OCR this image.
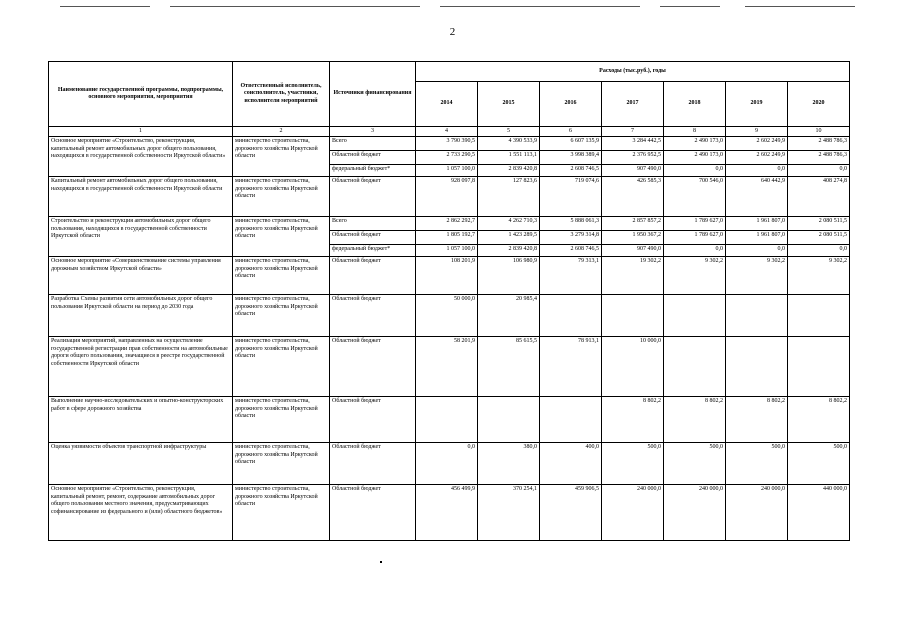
2
Наименование государственной программы, подпрограммы, основного мероприятия, мероприятия	Ответственный исполнитель, соисполнитель, участники, исполнители мероприятий	Источники финансирования	Расходы (тыс.руб.), годы						
			2014	2015	2016	2017	2018	2019	2020
1	2	3	4	5	6	7	8	9	10
Основное мероприятие «Строительство, реконструкция, капитальный ремонт автомобильных дорог общего пользования, находящихся в государственной собственности Иркутской области»	министерство строительства, дорожного хозяйства Иркутской области	Всего	3 790 390,5	4 390 533,9	6 607 135,9	3 284 442,5	2 490 173,0	2 602 249,9	2 488 786,3
		Областной бюджет	2 733 290,5	1 551 113,1	3 998 389,4	2 376 952,5	2 490 173,0	2 602 249,9	2 488 786,3
		федеральный бюджет*	1 057 100,0	2 839 420,8	2 608 746,5	907 490,0	0,0	0,0	0,0
Капитальный ремонт автомобильных дорог общего пользования, находящихся в государственной собственности Иркутской области	министерство строительства, дорожного хозяйства Иркутской области	Областной бюджет	928 097,8	127 823,6	719 074,6	426 585,3	700 546,0	640 442,9	408 274,8
Строительство и реконструкция автомобильных дорог общего пользования, находящихся в государственной собственности Иркутской области	министерство строительства, дорожного хозяйства Иркутской области	Всего	2 862 292,7	4 262 710,3	5 888 061,3	2 857 857,2	1 789 627,0	1 961 807,0	2 080 511,5
		Областной бюджет	1 805 192,7	1 423 289,5	3 279 314,8	1 950 367,2	1 789 627,0	1 961 807,0	2 080 511,5
		федеральный бюджет*	1 057 100,0	2 839 420,8	2 608 746,5	907 490,0	0,0	0,0	0,0
Основное мероприятие «Совершенствование системы управления дорожным хозяйством Иркутской области»	министерство строительства, дорожного хозяйства Иркутской области	Областной бюджет	108 201,9	106 980,9	79 313,1	19 302,2	9 302,2	9 302,2	9 302,2
Разработка Схемы развития сети автомобильных дорог общего пользования Иркутской области на период до 2030 года	министерство строительства, дорожного хозяйства Иркутской области	Областной бюджет	50 000,0	20 985,4					
Реализация мероприятий, направленных на осуществление государственной регистрации прав собственности на автомобильные дороги общего пользования, значащиеся в реестре государственной собственности Иркутской области	министерство строительства, дорожного хозяйства Иркутской области	Областной бюджет	58 201,9	85 615,5	78 913,1	10 000,0			
Выполнение научно-исследовательских и опытно-конструкторских работ в сфере дорожного хозяйства	министерство строительства, дорожного хозяйства Иркутской области	Областной бюджет				8 802,2	8 802,2	8 802,2	8 802,2
Оценка уязвимости объектов транспортной инфраструктуры	министерство строительства, дорожного хозяйства Иркутской области	Областной бюджет	0,0	380,0	400,0	500,0	500,0	500,0	500,0
Основное мероприятие «Строительство, реконструкция, капитальный ремонт, ремонт, содержание автомобильных дорог общего пользования местного значения, предусматривающих софинансирование из федерального и (или) областного бюджетов»	министерство строительства, дорожного хозяйства Иркутской области	Областной бюджет	456 499,9	370 254,1	459 906,5	240 000,0	240 000,0	240 000,0	440 000,0
